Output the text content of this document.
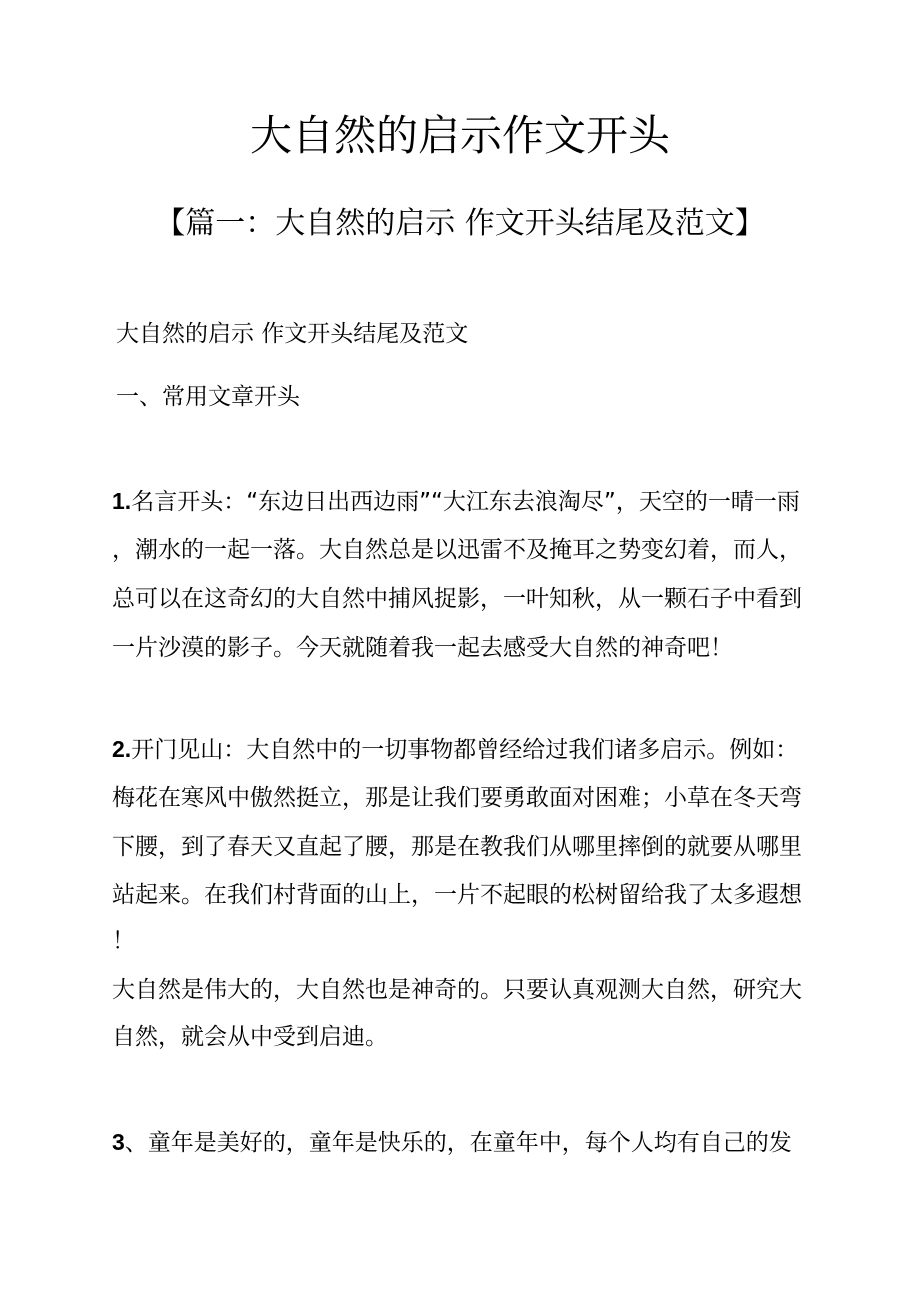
大自然的启示作文开头
【篇一：大自然的启示 作文开头结尾及范文】
大自然的启示 作文开头结尾及范文
一、常用文章开头
1.名言开头：“东边日出西边雨”“大江东去浪淘尽”，天空的一晴一雨
，潮水的一起一落。大自然总是以迅雷不及掩耳之势变幻着，而人，
总可以在这奇幻的大自然中捕风捉影，一叶知秋，从一颗石子中看到
一片沙漠的影子。今天就随着我一起去感受大自然的神奇吧！
2.开门见山：大自然中的一切事物都曾经给过我们诸多启示。例如：
梅花在寒风中傲然挺立，那是让我们要勇敢面对困难；小草在冬天弯
下腰，到了春天又直起了腰，那是在教我们从哪里摔倒的就要从哪里
站起来。在我们村背面的山上，一片不起眼的松树留给我了太多遐想
！
大自然是伟大的，大自然也是神奇的。只要认真观测大自然，研究大
自然，就会从中受到启迪。
3、童年是美好的，童年是快乐的，在童年中，每个人均有自己的发
